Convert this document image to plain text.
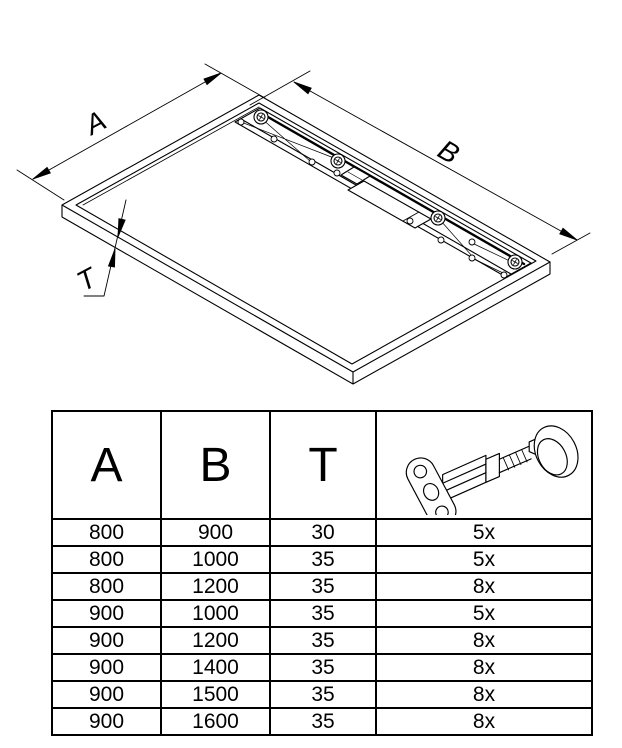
A
B
T
A	B	T	

800	900	30	5x
800	1000	35	5x
800	1200	35	8x
900	1000	35	5x
900	1200	35	8x
900	1400	35	8x
900	1500	35	8x
900	1600	35	8x
